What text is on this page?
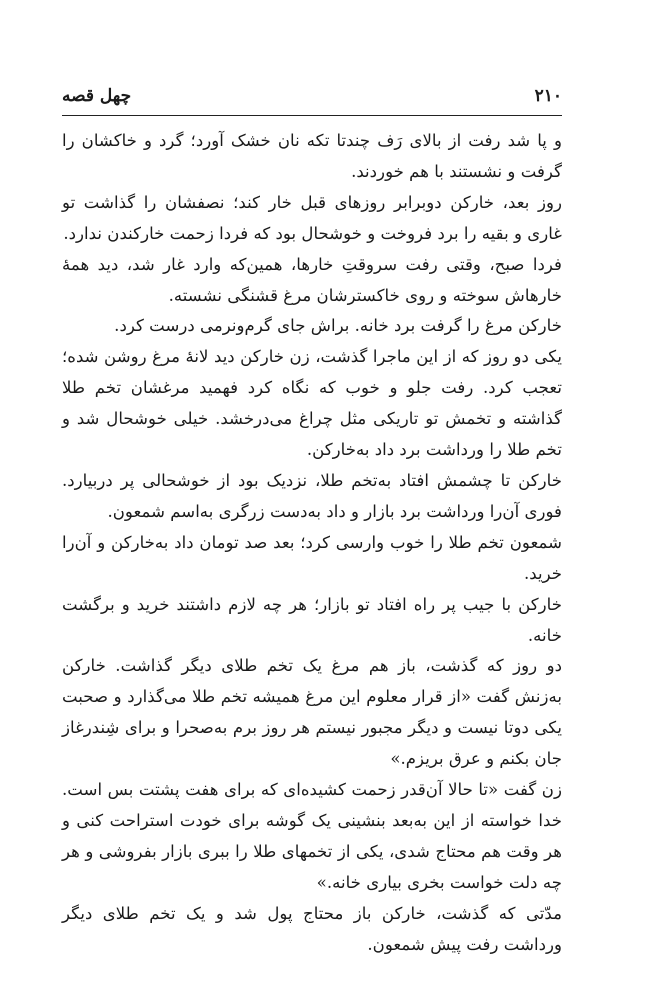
۲۱۰
چهل قصه

و پا شد رفت از بالای رَف چندتا تکه نان خشک آورد؛ گرد و خاکشان را گرفت و نشستند با هم خوردند.

روز بعد، خارکن دوبرابر روزهای قبل خار کند؛ نصفشان را گذاشت تو غاری و بقیه را برد فروخت و خوشحال بود که فردا زحمت خارکندن ندارد.

فردا صبح، وقتی رفت سروقتِ خارها، همین‌که وارد غار شد، دید همهٔ خارهاش سوخته و روی خاکسترشان مرغ قشنگی نشسته.

خارکن مرغ را گرفت برد خانه. براش جای گرم‌ونرمی درست کرد.

یکی دو روز که از این ماجرا گذشت، زن خارکن دید لانهٔ مرغ روشن شده؛ تعجب کرد. رفت جلو و خوب که نگاه کرد فهمید مرغشان تخم طلا گذاشته و تخمش تو تاریکی مثل چراغ می‌درخشد. خیلی خوشحال شد و تخم طلا را ورداشت برد داد به‌خارکن.

خارکن تا چشمش افتاد به‌تخم طلا، نزدیک بود از خوشحالی پر دربیارد. فوری آن‌را ورداشت برد بازار و داد به‌دست زرگری به‌اسم شمعون.

شمعون تخم طلا را خوب وارسی کرد؛ بعد صد تومان داد به‌خارکن و آن‌را خرید.

خارکن با جیب پر راه افتاد تو بازار؛ هر چه لازم داشتند خرید و برگشت خانه.

دو روز که گذشت، باز هم مرغ یک تخم طلای دیگر گذاشت. خارکن به‌زنش گفت «از قرار معلوم این مرغ همیشه تخم طلا می‌گذارد و صحبت یکی دوتا نیست و دیگر مجبور نیستم هر روز برم به‌صحرا و برای شِندرغاز جان بکنم و عرق بریزم.»

زن گفت «تا حالا آن‌قدر زحمت کشیده‌ای که برای هفت پشتت بس است. خدا خواسته از این به‌بعد بنشینی یک گوشه برای خودت استراحت کنی و هر وقت هم محتاج شدی، یکی از تخمهای طلا را ببری بازار بفروشی و هر چه دلت خواست بخری بیاری خانه.»

مدّتی که گذشت، خارکن باز محتاج پول شد و یک تخم طلای دیگر ورداشت رفت پیش شمعون.
